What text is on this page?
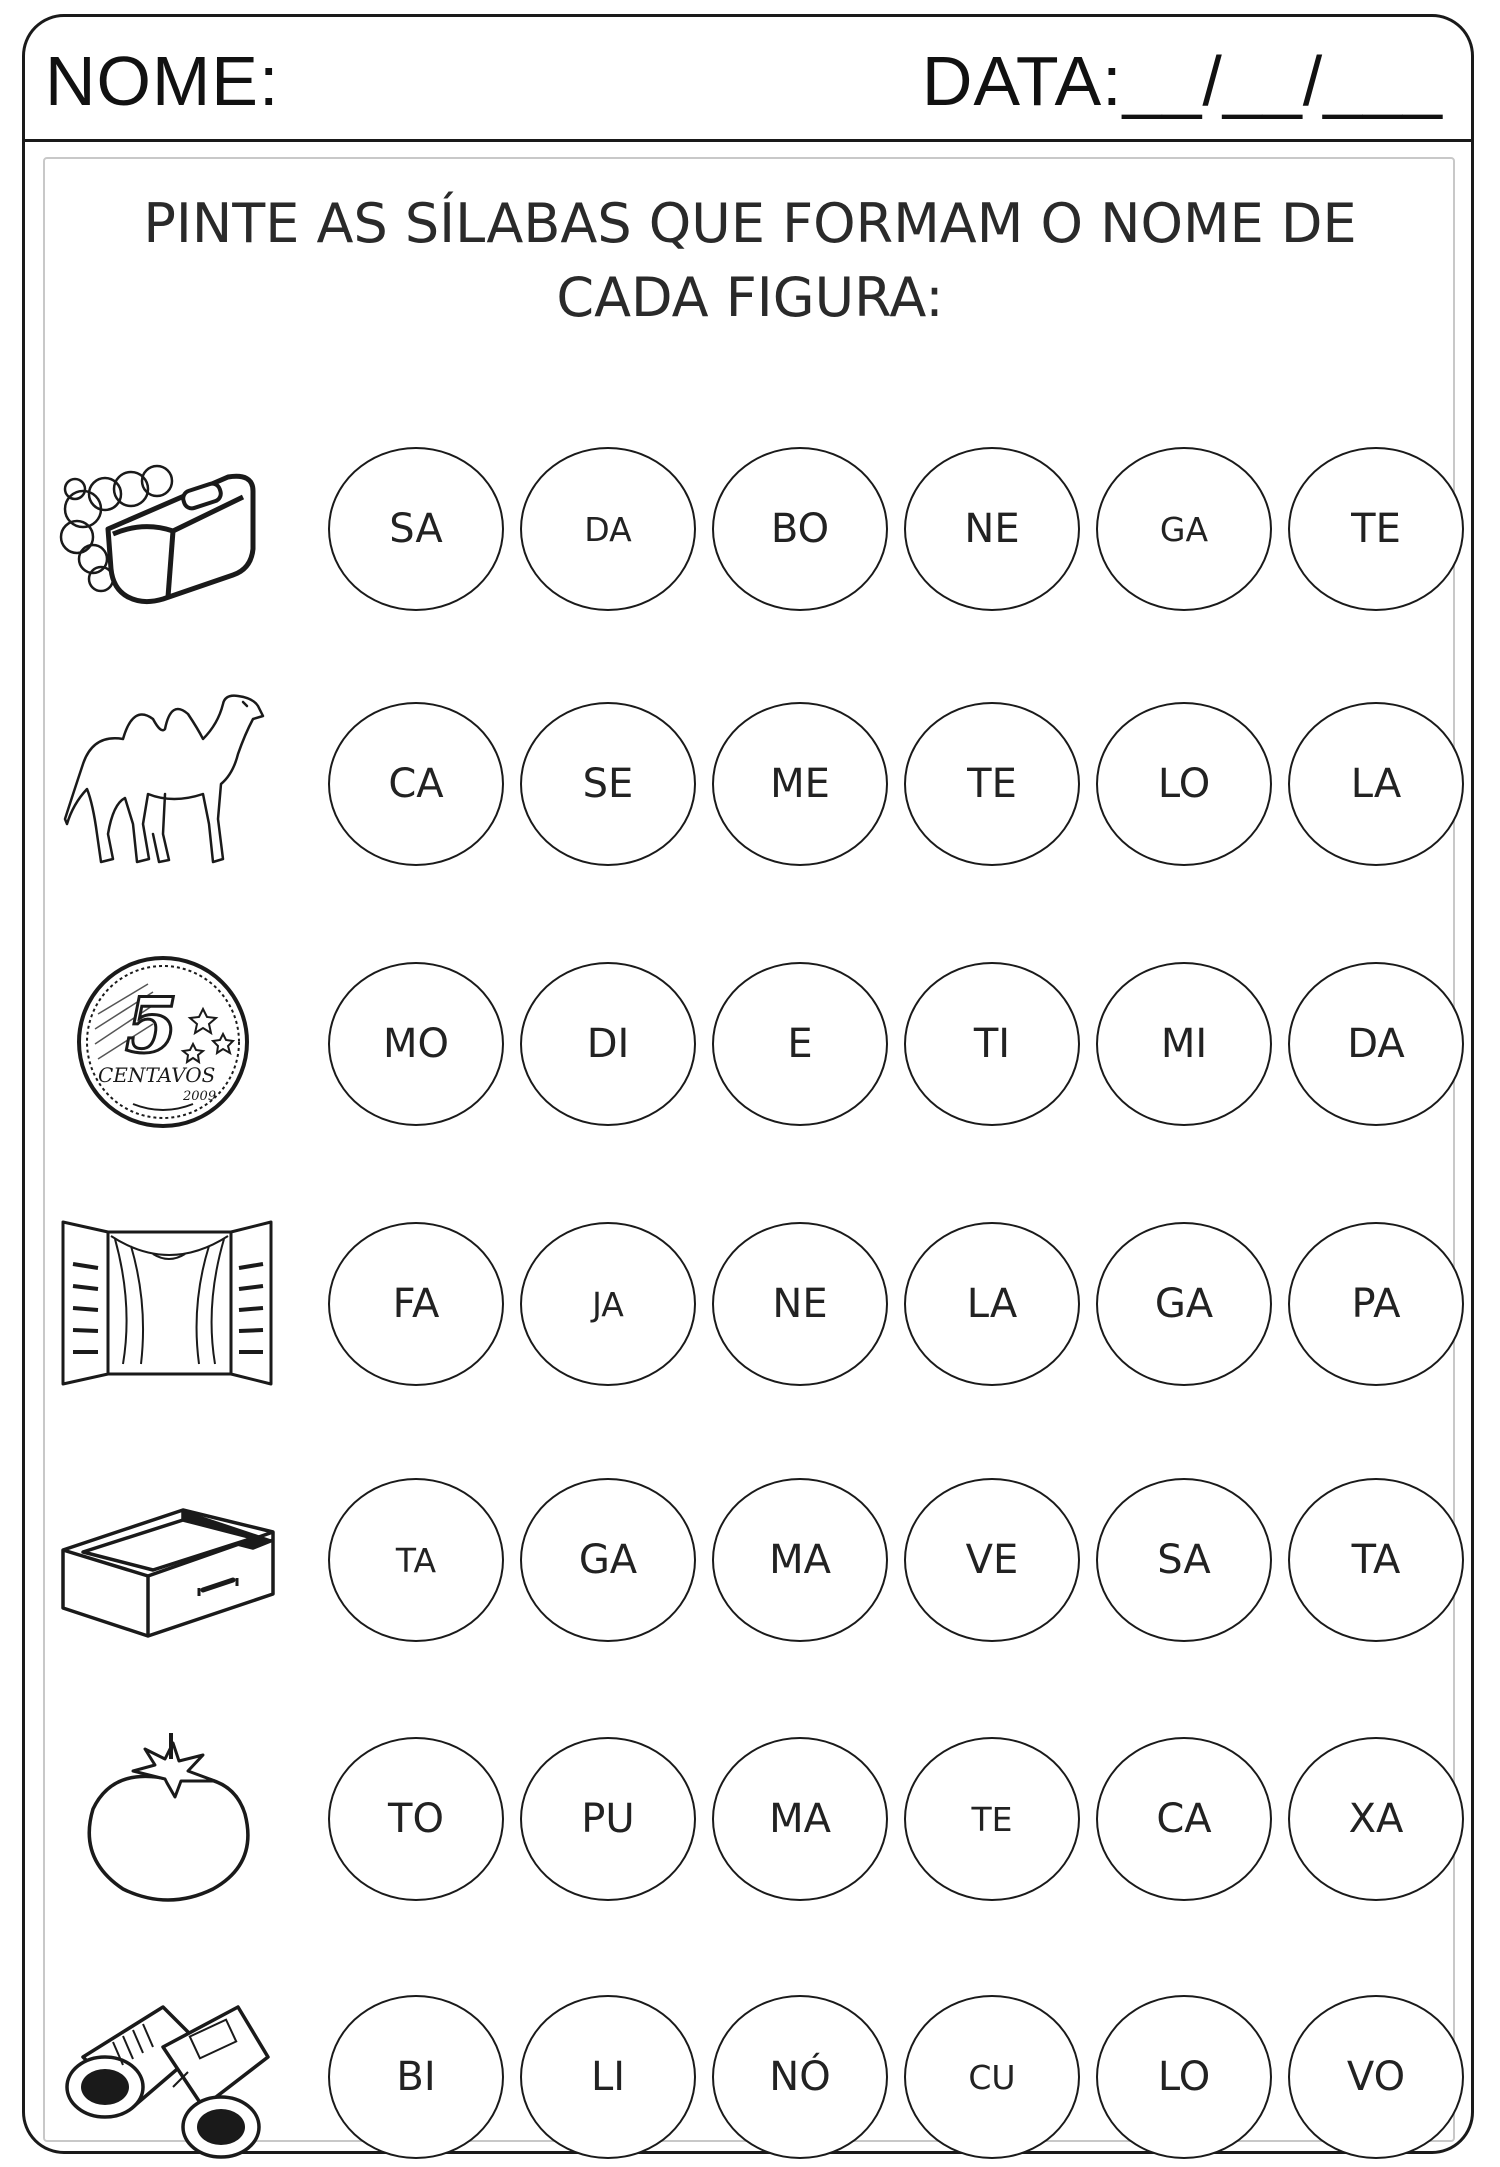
NOME:	DATA:__/__/___
PINTE AS SÍLABAS QUE FORMAM O NOME DE
CADA FIGURA:
SA	DA	BO	NE	GA	TE
CA	SE	ME	TE	LO	LA
5
CENTAVOS
2009
MO	DI	E	TI	MI	DA
FA	JA	NE	LA	GA	PA
TA	GA	MA	VE	SA	TA
TO	PU	MA	TE	CA	XA
BI	LI	NÓ	CU	LO	VO
